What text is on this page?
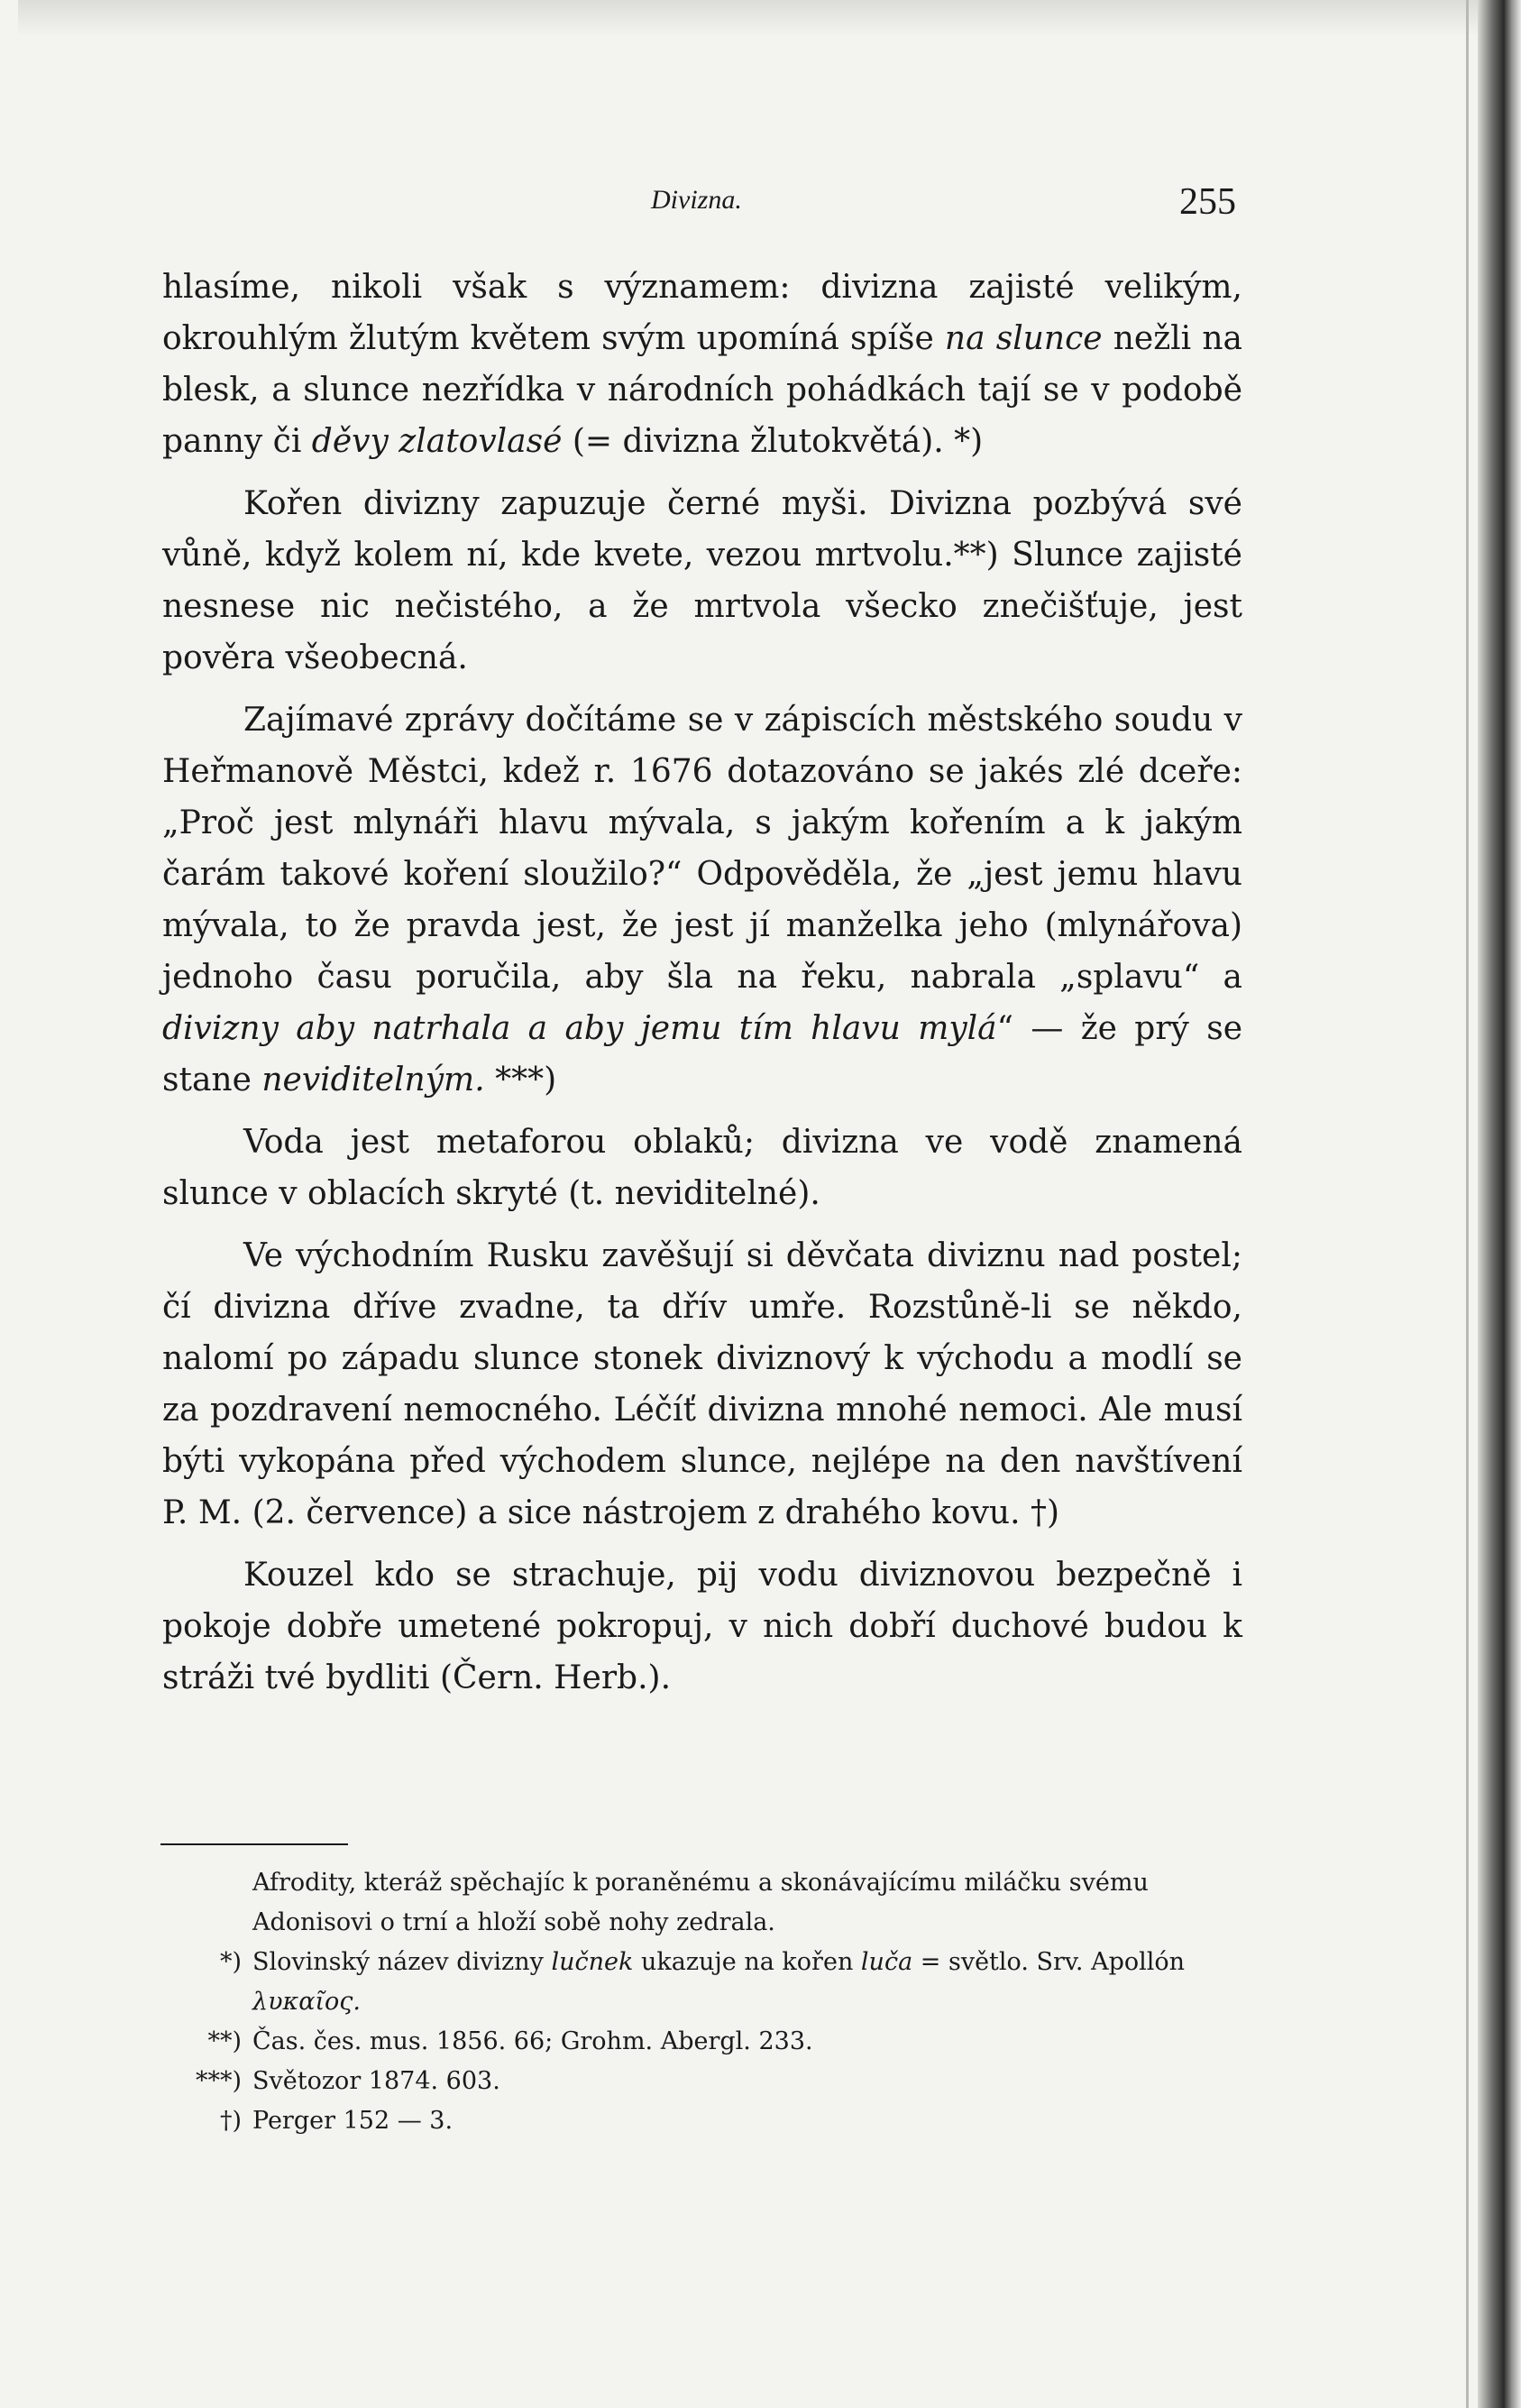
Divizna.	255

hlasíme, nikoli však s významem: divizna zajisté velikým, okrouhlým žlutým květem svým upomíná spíše na slunce nežli na blesk, a slunce nezřídka v národních pohádkách tají se v podobě panny či děvy zlatovlasé (= divizna žlutokvětá). *)

Kořen divizny zapuzuje černé myši. Divizna pozbývá své vůně, když kolem ní, kde kvete, vezou mrtvolu.**) Slunce zajisté nesnese nic nečistého, a že mrtvola všecko znečišťuje, jest pověra všeobecná.

Zajímavé zprávy dočítáme se v zápiscích městského soudu v Heřmanově Městci, kdež r. 1676 dotazováno se jakés zlé dceře: „Proč jest mlynáři hlavu mývala, s jakým kořením a k jakým čarám takové koření sloužilo?“ Odpověděla, že „jest jemu hlavu mývala, to že pravda jest, že jest jí manželka jeho (mlynářova) jednoho času poručila, aby šla na řeku, nabrala „splavu“ a divizny aby natrhala a aby jemu tím hlavu mylá“ — že prý se stane neviditelným. ***)

Voda jest metaforou oblaků; divizna ve vodě znamená slunce v oblacích skryté (t. neviditelné).

Ve východním Rusku zavěšují si děvčata diviznu nad postel; čí divizna dříve zvadne, ta dřív umře. Rozstůně-li se někdo, nalomí po západu slunce stonek diviznový k východu a modlí se za pozdravení nemocného. Léčíť divizna mnohé nemoci. Ale musí býti vykopána před východem slunce, nejlépe na den navštívení P. M. (2. července) a sice nástrojem z drahého kovu. †)

Kouzel kdo se strachuje, pij vodu diviznovou bezpečně i pokoje dobře umetené pokropuj, v nich dobří duchové budou k stráži tvé bydliti (Čern. Herb.).

Afrodity, kteráž spěchajíc k poraněnému a skonávajícímu miláčku svému Adonisovi o trní a hloží sobě nohy zedrala.
*) Slovinský název divizny lučnek ukazuje na kořen luča = světlo. Srv. Apollón λυκαῖος.
**) Čas. čes. mus. 1856. 66; Grohm. Abergl. 233.
***) Světozor 1874. 603.
†) Perger 152 — 3.
